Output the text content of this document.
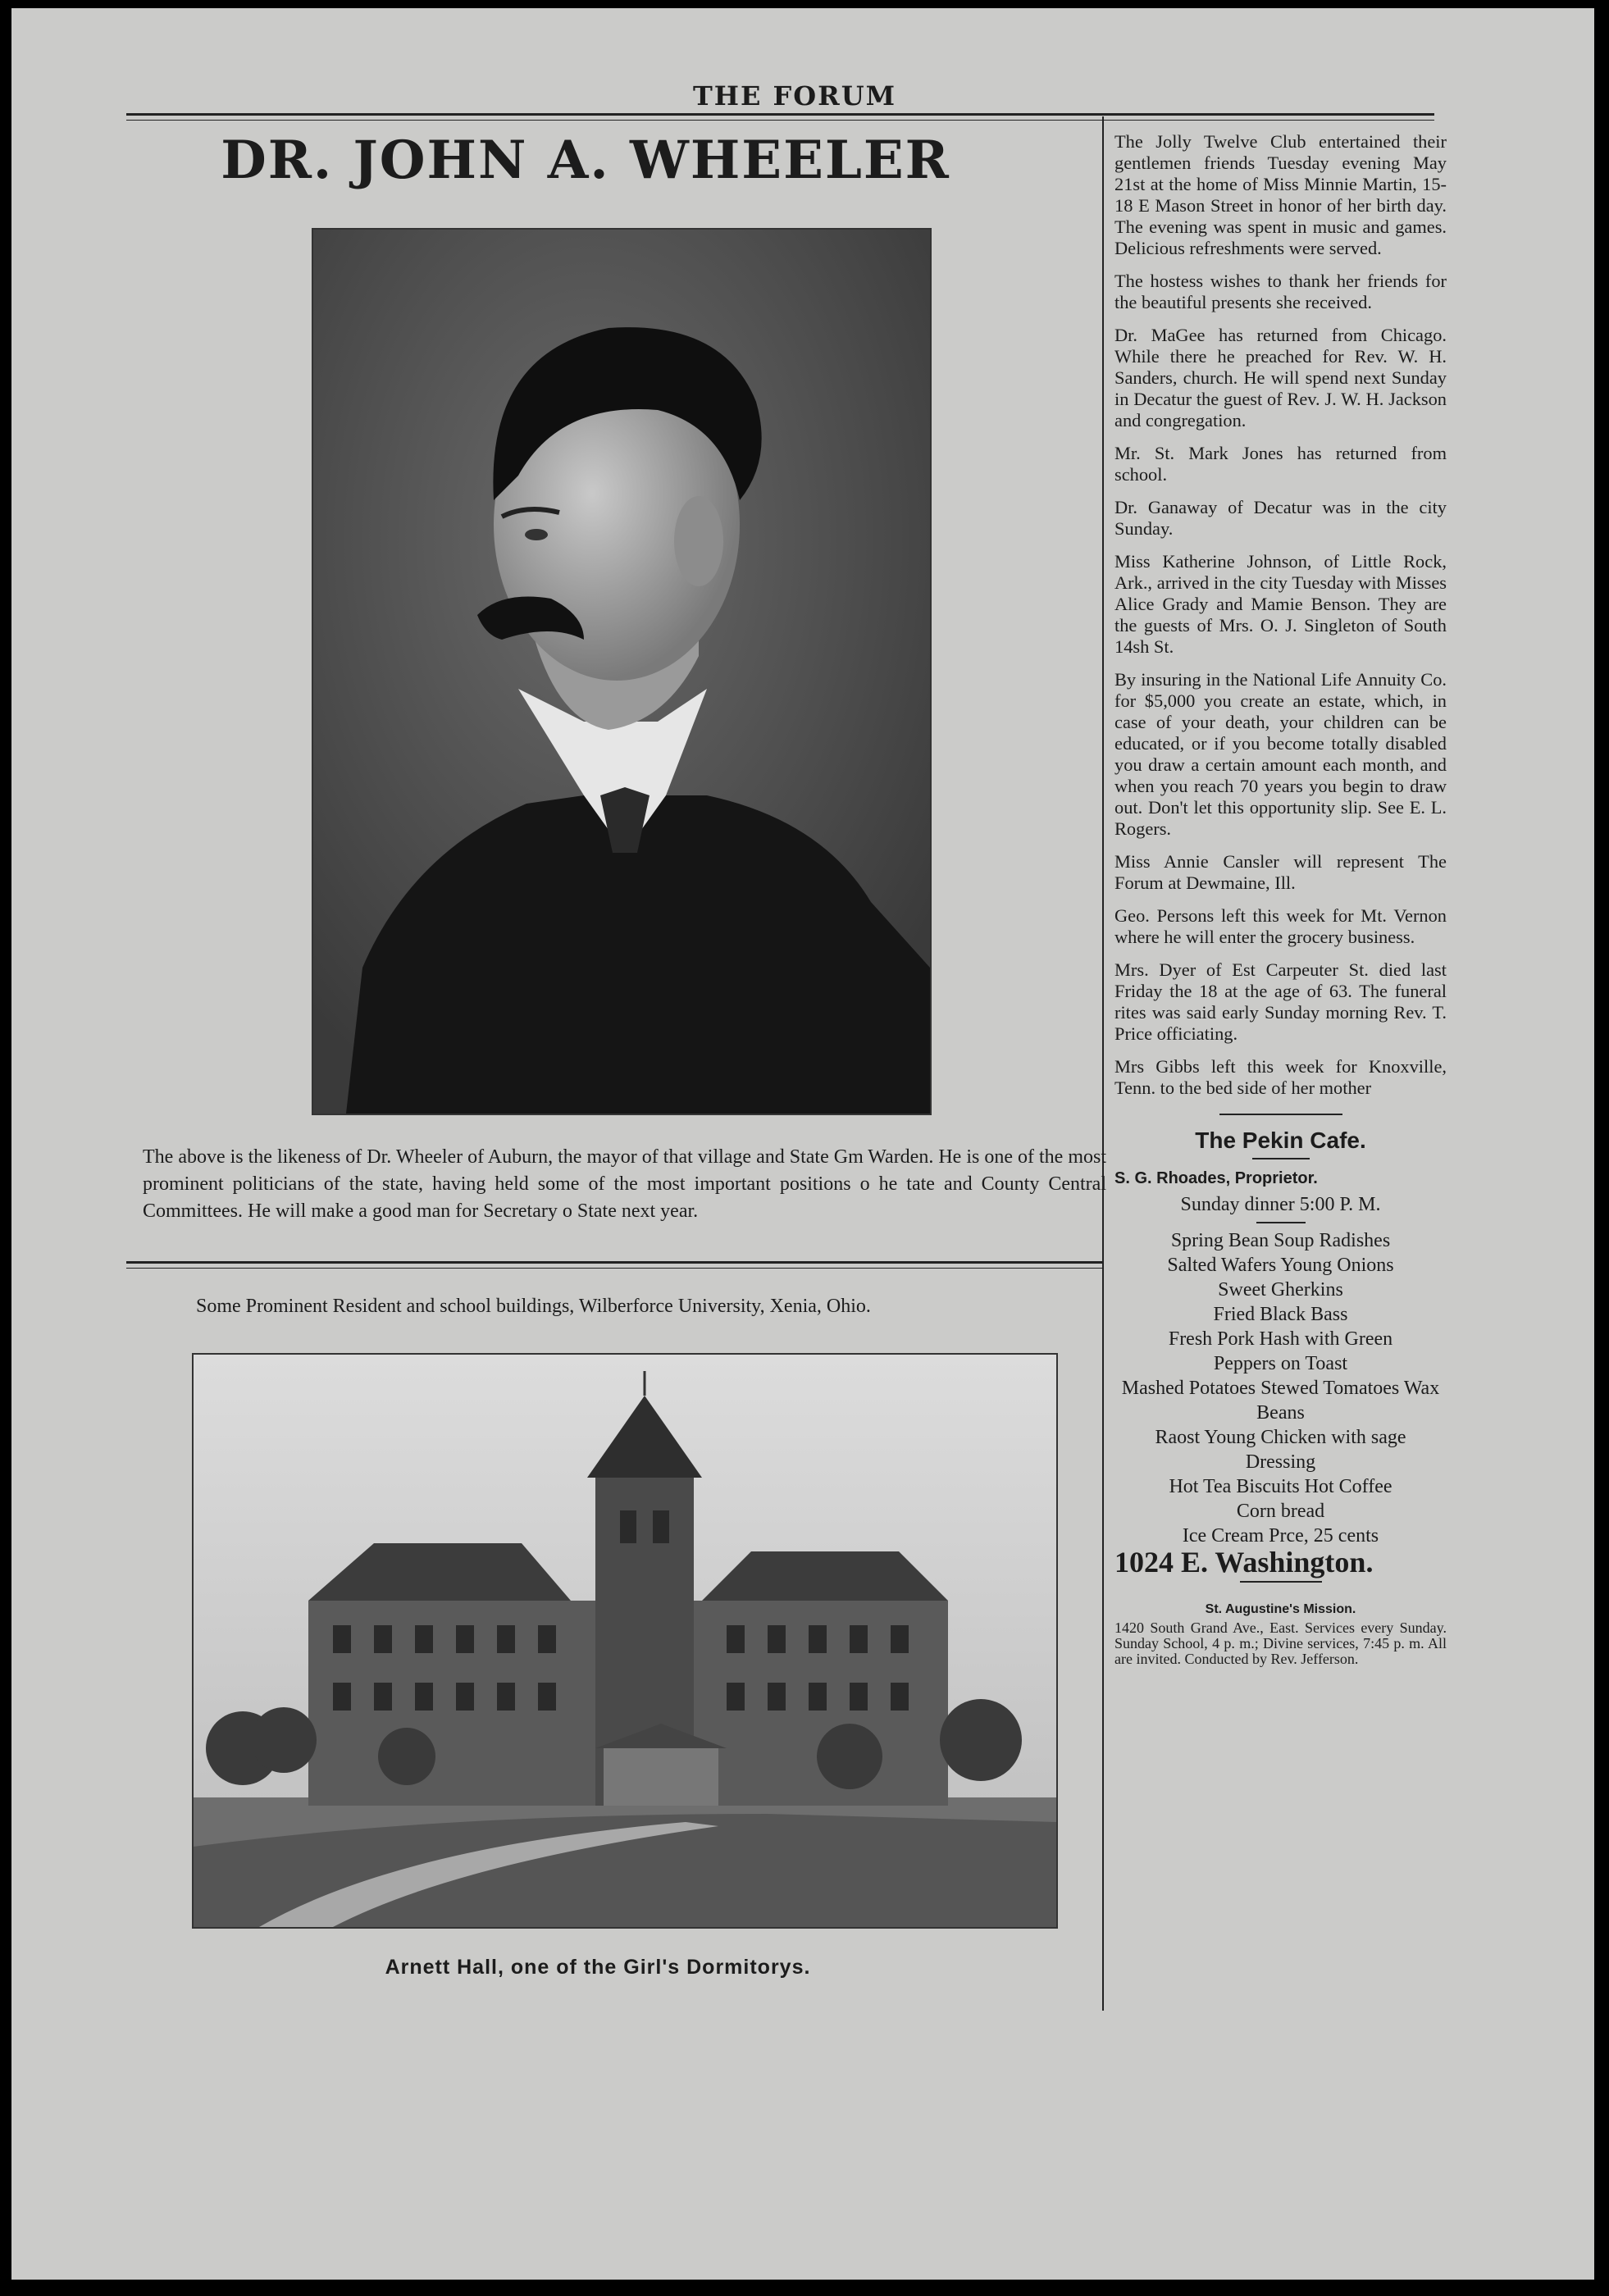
THE FORUM
DR. JOHN A. WHEELER
The above is the likeness of Dr. Wheeler of Auburn, the mayor of that village and State Gm Warden. He is one of the most prominent politicians of the state, having held some of the most important positions o he tate and County Central Committees. He will make a good man for Secretary o State next year.
Some Prominent Resident and school buildings, Wilberforce University, Xenia, Ohio.
Arnett Hall, one of the Girl's Dormitorys.

The Jolly Twelve Club entertained their gentlemen friends Tuesday evening May 21st at the home of Miss Minnie Martin, 15-18 E Mason Street in honor of her birth day. The evening was spent in music and games. Delicious refreshments were served.

The hostess wishes to thank her friends for the beautiful presents she received.

Dr. MaGee has returned from Chicago. While there he preached for Rev. W. H. Sanders, church. He will spend next Sunday in Decatur the guest of Rev. J. W. H. Jackson and congregation.

Mr. St. Mark Jones has returned from school.

Dr. Ganaway of Decatur was in the city Sunday.

Miss Katherine Johnson, of Little Rock, Ark., arrived in the city Tuesday with Misses Alice Grady and Mamie Benson. They are the guests of Mrs. O. J. Singleton of South 14sh St.

By insuring in the National Life Annuity Co. for $5,000 you create an estate, which, in case of your death, your children can be educated, or if you become totally disabled you draw a certain amount each month, and when you reach 70 years you begin to draw out. Don't let this opportunity slip. See E. L. Rogers.

Miss Annie Cansler will represent The Forum at Dewmaine, Ill.

Geo. Persons left this week for Mt. Vernon where he will enter the grocery business.

Mrs. Dyer of Est Carpeuter St. died last Friday the 18 at the age of 63. The funeral rites was said early Sunday morning Rev. T. Price officiating.

Mrs Gibbs left this week for Knoxville, Tenn. to the bed side of her mother

The Pekin Cafe.
S. G. Rhoades, Proprietor.
Sunday dinner 5:00 P. M.
Spring Bean Soup Radishes
Salted Wafers Young Onions
Sweet Gherkins
Fried Black Bass
Fresh Pork Hash with Green
Peppers on Toast
Mashed Potatoes Stewed Tomatoes Wax Beans
Raost Young Chicken with sage
Dressing
Hot Tea Biscuits Hot Coffee
Corn bread
Ice Cream Prce, 25 cents
1024 E. Washington.
St. Augustine's Mission.
1420 South Grand Ave., East. Services every Sunday. Sunday School, 4 p. m.; Divine services, 7:45 p. m. All are invited. Conducted by Rev. Jefferson.
